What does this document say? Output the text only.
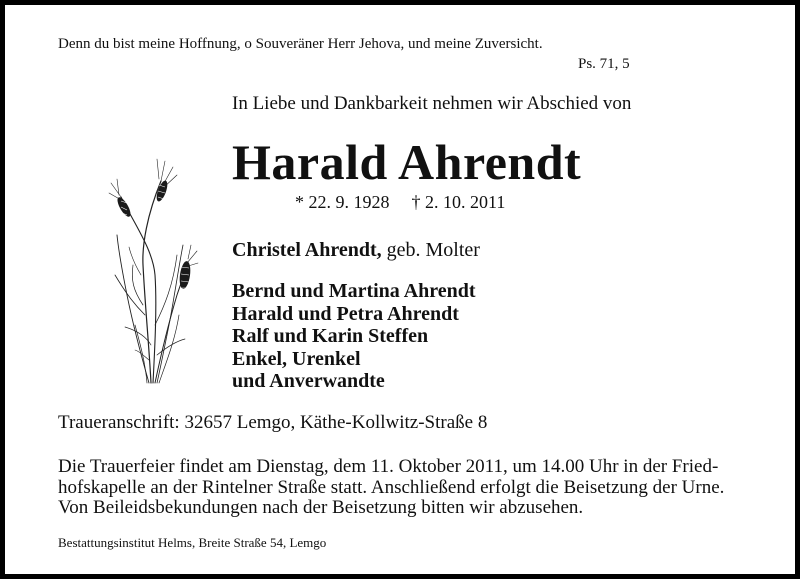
Denn du bist meine Hoffnung, o Souveräner Herr Jehova, und meine Zuversicht.
Ps. 71, 5
In Liebe und Dankbarkeit nehmen wir Abschied von
Harald Ahrendt
* 22. 9. 1928 † 2. 10. 2011
Christel Ahrendt, geb. Molter
Bernd und Martina Ahrendt
Harald und Petra Ahrendt
Ralf und Karin Steffen
Enkel, Urenkel
und Anverwandte
Traueranschrift: 32657 Lemgo, Käthe-Kollwitz-Straße 8
Die Trauerfeier findet am Dienstag, dem 11. Oktober 2011, um 14.00 Uhr in der Fried-
hofskapelle an der Rintelner Straße statt. Anschließend erfolgt die Beisetzung der Urne.
Von Beileidsbekundungen nach der Beisetzung bitten wir abzusehen.
Bestattungsinstitut Helms, Breite Straße 54, Lemgo
